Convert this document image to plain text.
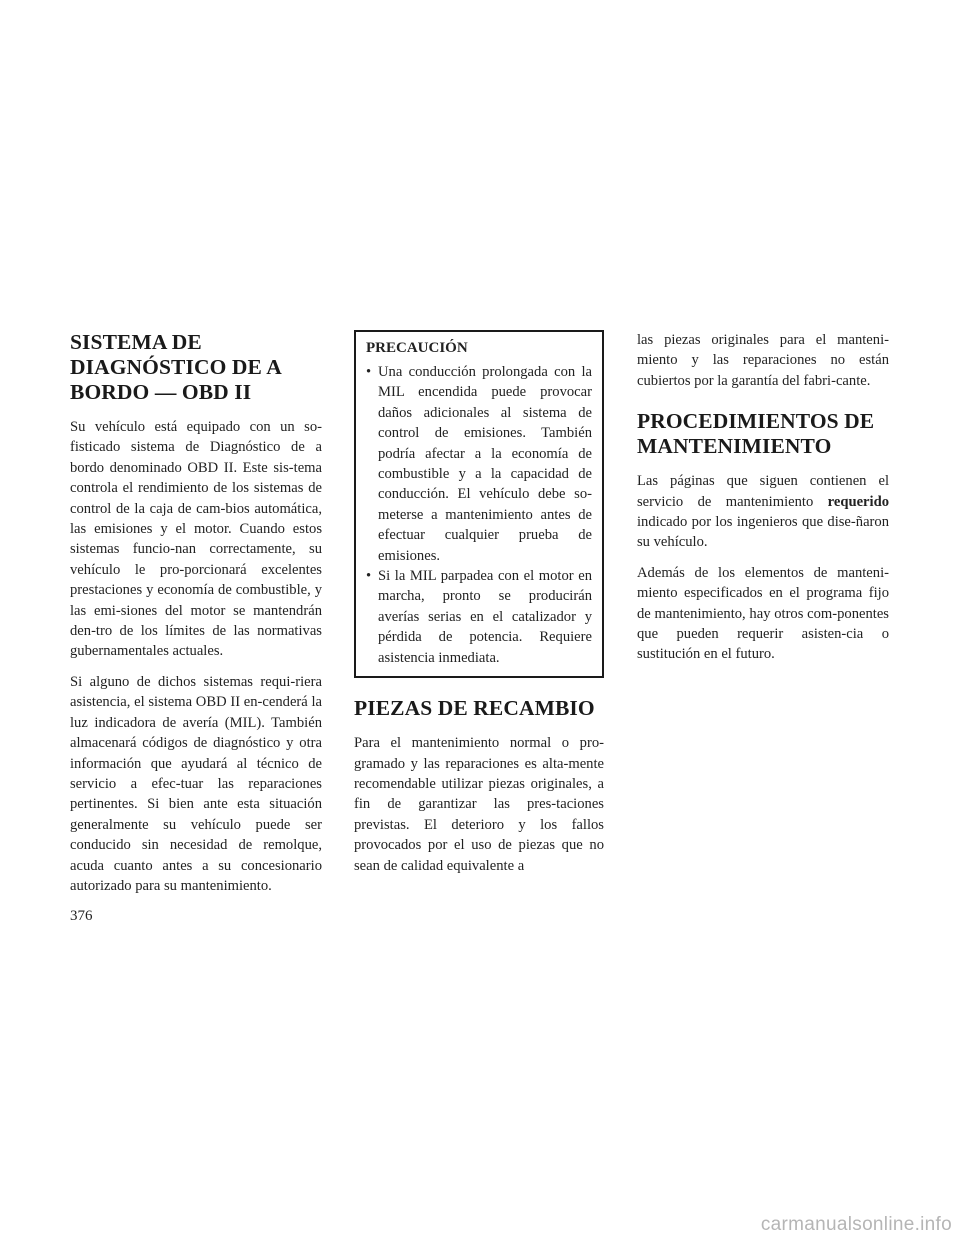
SISTEMA DE DIAGNÓSTICO DE A BORDO — OBD II

Su vehículo está equipado con un so-fisticado sistema de Diagnóstico de a bordo denominado OBD II. Este sis-tema controla el rendimiento de los sistemas de control de la caja de cam-bios automática, las emisiones y el motor. Cuando estos sistemas funcio-nan correctamente, su vehículo le pro-porcionará excelentes prestaciones y economía de combustible, y las emi-siones del motor se mantendrán den-tro de los límites de las normativas gubernamentales actuales.

Si alguno de dichos sistemas requi-riera asistencia, el sistema OBD II en-cenderá la luz indicadora de avería (MIL). También almacenará códigos de diagnóstico y otra información que ayudará al técnico de servicio a efec-tuar las reparaciones pertinentes. Si bien ante esta situación generalmente su vehículo puede ser conducido sin necesidad de remolque, acuda cuanto antes a su concesionario autorizado para su mantenimiento.

PRECAUCIÓN
• Una conducción prolongada con la MIL encendida puede provocar daños adicionales al sistema de control de emisiones. También podría afectar a la economía de combustible y a la capacidad de conducción. El vehículo debe so-meterse a mantenimiento antes de efectuar cualquier prueba de emisiones.
• Si la MIL parpadea con el motor en marcha, pronto se producirán averías serias en el catalizador y pérdida de potencia. Requiere asistencia inmediata.
PIEZAS DE RECAMBIO

Para el mantenimiento normal o pro-gramado y las reparaciones es alta-mente recomendable utilizar piezas originales, a fin de garantizar las pres-taciones previstas. El deterioro y los fallos provocados por el uso de piezas que no sean de calidad equivalente a

las piezas originales para el manteni-miento y las reparaciones no están cubiertos por la garantía del fabri-cante.

PROCEDIMIENTOS DE MANTENIMIENTO

Las páginas que siguen contienen el servicio de mantenimiento requerido indicado por los ingenieros que dise-ñaron su vehículo.

Además de los elementos de manteni-miento especificados en el programa fijo de mantenimiento, hay otros com-ponentes que pueden requerir asisten-cia o sustitución en el futuro.

376
carmanualsonline.info
